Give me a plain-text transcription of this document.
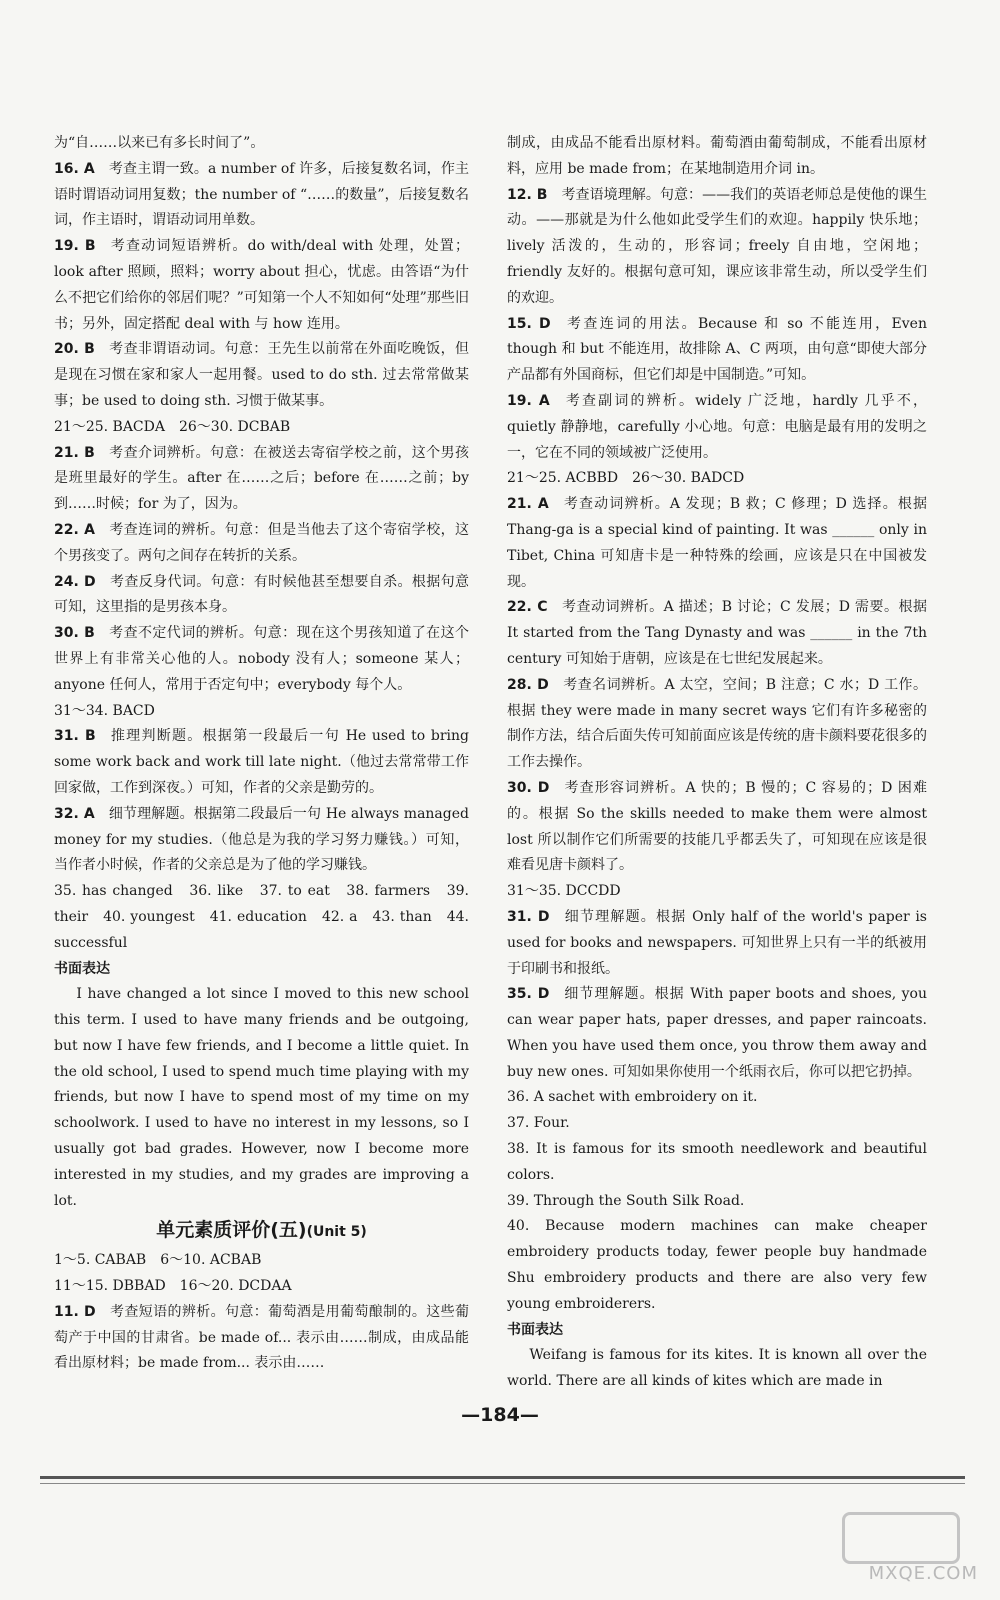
为“自……以来已有多长时间了”。

16. A  考查主谓一致。a number of 许多，后接复数名词，作主语时谓语动词用复数；the number of “……的数量”，后接复数名词，作主语时，谓语动词用单数。

19. B  考查动词短语辨析。do with/deal with 处理，处置；look after 照顾，照料；worry about 担心，忧虑。由答语“为什么不把它们给你的邻居们呢？”可知第一个人不知如何“处理”那些旧书；另外，固定搭配 deal with 与 how 连用。

20. B  考查非谓语动词。句意：王先生以前常在外面吃晚饭，但是现在习惯在家和家人一起用餐。used to do sth. 过去常常做某事；be used to doing sth. 习惯于做某事。

21～25. BACDA　26～30. DCBAB

21. B  考查介词辨析。句意：在被送去寄宿学校之前，这个男孩是班里最好的学生。after 在……之后；before 在……之前；by 到……时候；for 为了，因为。

22. A  考查连词的辨析。句意：但是当他去了这个寄宿学校，这个男孩变了。两句之间存在转折的关系。

24. D  考查反身代词。句意：有时候他甚至想要自杀。根据句意可知，这里指的是男孩本身。

30. B  考查不定代词的辨析。句意：现在这个男孩知道了在这个世界上有非常关心他的人。nobody 没有人；someone 某人；anyone 任何人，常用于否定句中；everybody 每个人。

31～34. BACD

31. B  推理判断题。根据第一段最后一句 He used to bring some work back and work till late night.（他过去常常带工作回家做，工作到深夜。）可知，作者的父亲是勤劳的。

32. A  细节理解题。根据第二段最后一句 He always managed money for my studies.（他总是为我的学习努力赚钱。）可知，当作者小时候，作者的父亲总是为了他的学习赚钱。

35. has changed　36. like　37. to eat　38. farmers　39. their　40. youngest　41. education　42. a　43. than　44. successful

书面表达

I have changed a lot since I moved to this new school this term. I used to have many friends and be outgoing, but now I have few friends, and I become a little quiet. In the old school, I used to spend much time playing with my friends, but now I have to spend most of my time on my schoolwork. I used to have no interest in my lessons, so I usually got bad grades. However, now I become more interested in my studies, and my grades are improving a lot.

单元素质评价(五)(Unit 5)

1～5. CABAB　6～10. ACBAB

11～15. DBBAD　16～20. DCDAA

11. D  考查短语的辨析。句意：葡萄酒是用葡萄酿制的。这些葡萄产于中国的甘肃省。be made of... 表示由……制成，由成品能看出原材料；be made from... 表示由……

制成，由成品不能看出原材料。葡萄酒由葡萄制成，不能看出原材料，应用 be made from；在某地制造用介词 in。

12. B  考查语境理解。句意：——我们的英语老师总是使他的课生动。——那就是为什么他如此受学生们的欢迎。happily 快乐地；lively 活泼的，生动的，形容词；freely 自由地，空闲地；friendly 友好的。根据句意可知，课应该非常生动，所以受学生们的欢迎。

15. D  考查连词的用法。Because 和 so 不能连用，Even though 和 but 不能连用，故排除 A、C 两项，由句意“即使大部分产品都有外国商标，但它们却是中国制造。”可知。

19. A  考查副词的辨析。widely 广泛地，hardly 几乎不，quietly 静静地，carefully 小心地。句意：电脑是最有用的发明之一，它在不同的领域被广泛使用。

21～25. ACBBD　26～30. BADCD

21. A  考查动词辨析。A 发现；B 救；C 修理；D 选择。根据 Thang-ga is a special kind of painting. It was ______ only in Tibet, China 可知唐卡是一种特殊的绘画，应该是只在中国被发现。

22. C  考查动词辨析。A 描述；B 讨论；C 发展；D 需要。根据 It started from the Tang Dynasty and was ______ in the 7th century 可知始于唐朝，应该是在七世纪发展起来。

28. D  考查名词辨析。A 太空，空间；B 注意；C 水；D 工作。根据 they were made in many secret ways 它们有许多秘密的制作方法，结合后面失传可知前面应该是传统的唐卡颜料要花很多的工作去操作。

30. D  考查形容词辨析。A 快的；B 慢的；C 容易的；D 困难的。根据 So the skills needed to make them were almost lost 所以制作它们所需要的技能几乎都丢失了，可知现在应该是很难看见唐卡颜料了。

31～35. DCCDD

31. D  细节理解题。根据 Only half of the world's paper is used for books and newspapers. 可知世界上只有一半的纸被用于印刷书和报纸。

35. D  细节理解题。根据 With paper boots and shoes, you can wear paper hats, paper dresses, and paper raincoats. When you have used them once, you throw them away and buy new ones. 可知如果你使用一个纸雨衣后，你可以把它扔掉。

36. A sachet with embroidery on it.

37. Four.

38. It is famous for its smooth needlework and beautiful colors.

39. Through the South Silk Road.

40. Because modern machines can make cheaper embroidery products today, fewer people buy handmade Shu embroidery products and there are also very few young embroiderers.

书面表达

Weifang is famous for its kites. It is known all over the world. There are all kinds of kites which are made in

—184—
MXQE.COM
